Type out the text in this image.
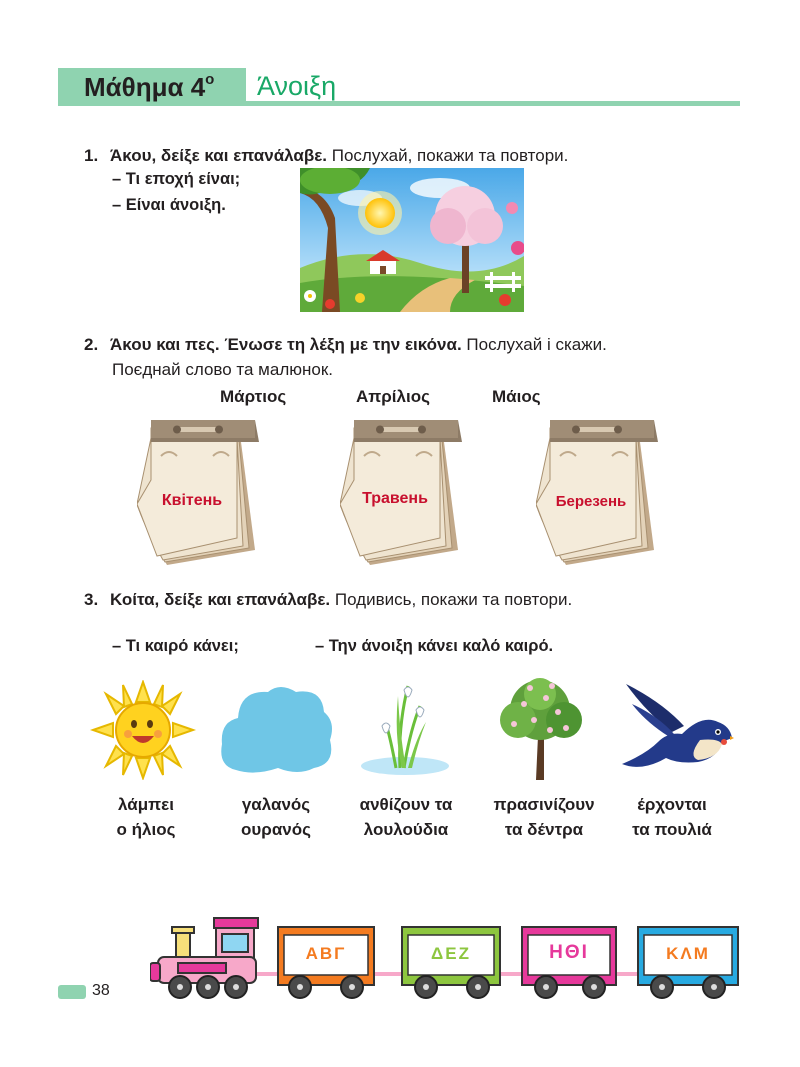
Μάθημα $4^o$ Άνοιξη
1. Άκου, δείξε και επανάλαβε. Послухай, покажи та повтори.
– Τι εποχή είναι;
– Είναι άνοιξη.
2. Άκου και πες. Ένωσε τη λέξη με την εικόνα. Послухай і скажи.
Поєднай слово та малюнок.
Μάρτιος	Απρίλιος	Μάιος
Квітень	Травень	Березень
3. Κοίτα, δείξε και επανάλαβε. Подивись, покажи та повтори.
– Τι καιρό κάνει;	– Την άνοιξη κάνει καλό καιρό.
λάμπει
ο ήλιος
γαλανός
ουρανός
ανθίζουν τα
λουλούδια
πρασινίζουν
τα δέντρα
έρχονται
τα πουλιά
ΑΒΓ	ΔΕΖ	ΗΘΙ	ΚΛΜ
38
